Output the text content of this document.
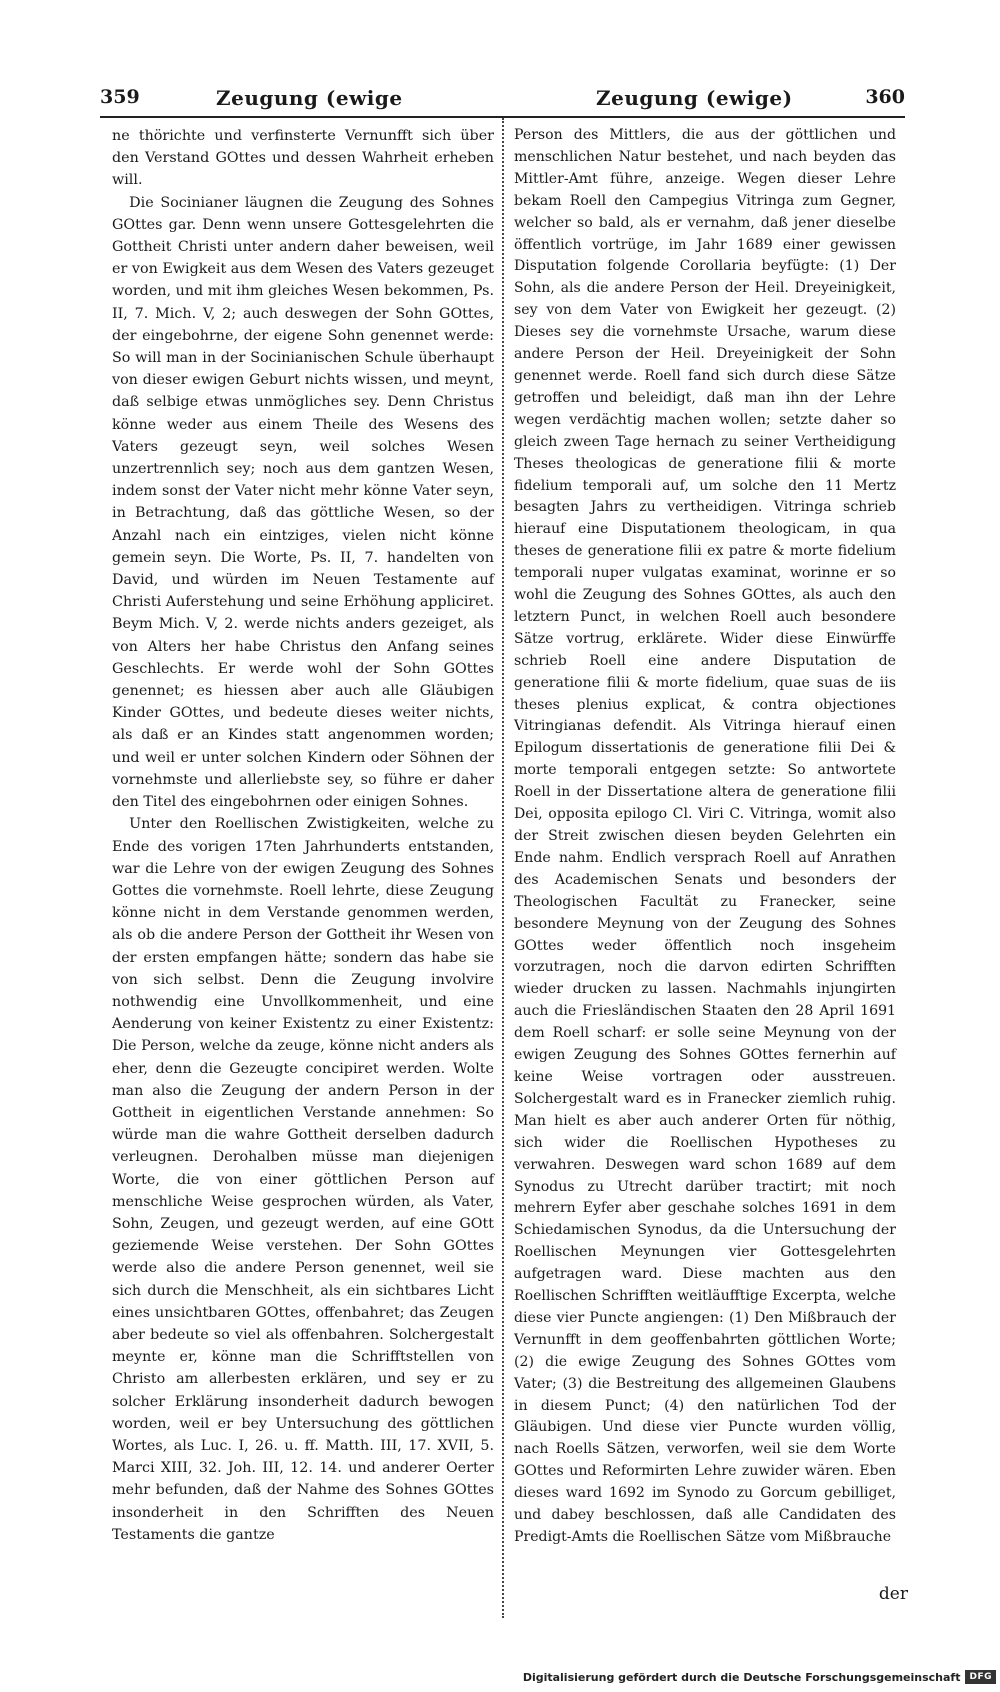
359	Zeugung (ewige	Zeugung (ewige)	360

ne thörichte und verfinsterte Vernunfft sich über den Verstand GOttes und dessen Wahrheit erheben will.

Die Socinianer läugnen die Zeugung des Sohnes GOttes gar. Denn wenn unsere Gottesgelehrten die Gottheit Christi unter andern daher beweisen, weil er von Ewigkeit aus dem Wesen des Vaters gezeuget worden, und mit ihm gleiches Wesen bekommen, Ps. II, 7. Mich. V, 2; auch deswegen der Sohn GOttes, der eingebohrne, der eigene Sohn genennet werde: So will man in der Socinianischen Schule überhaupt von dieser ewigen Geburt nichts wissen, und meynt, daß selbige etwas unmögliches sey. Denn Christus könne weder aus einem Theile des Wesens des Vaters gezeugt seyn, weil solches Wesen unzertrennlich sey; noch aus dem gantzen Wesen, indem sonst der Vater nicht mehr könne Vater seyn, in Betrachtung, daß das göttliche Wesen, so der Anzahl nach ein eintziges, vielen nicht könne gemein seyn. Die Worte, Ps. II, 7. handelten von David, und würden im Neuen Testamente auf Christi Auferstehung und seine Erhöhung appliciret. Beym Mich. V, 2. werde nichts anders gezeiget, als von Alters her habe Christus den Anfang seines Geschlechts. Er werde wohl der Sohn GOttes genennet; es hiessen aber auch alle Gläubigen Kinder GOttes, und bedeute dieses weiter nichts, als daß er an Kindes statt angenommen worden; und weil er unter solchen Kindern oder Söhnen der vornehmste und allerliebste sey, so führe er daher den Titel des eingebohrnen oder einigen Sohnes.

Unter den Roellischen Zwistigkeiten, welche zu Ende des vorigen 17ten Jahrhunderts entstanden, war die Lehre von der ewigen Zeugung des Sohnes Gottes die vornehmste. Roell lehrte, diese Zeugung könne nicht in dem Verstande genommen werden, als ob die andere Person der Gottheit ihr Wesen von der ersten empfangen hätte; sondern das habe sie von sich selbst. Denn die Zeugung involvire nothwendig eine Unvollkommenheit, und eine Aenderung von keiner Existentz zu einer Existentz: Die Person, welche da zeuge, könne nicht anders als eher, denn die Gezeugte concipiret werden. Wolte man also die Zeugung der andern Person in der Gottheit in eigentlichen Verstande annehmen: So würde man die wahre Gottheit derselben dadurch verleugnen. Derohalben müsse man diejenigen Worte, die von einer göttlichen Person auf menschliche Weise gesprochen würden, als Vater, Sohn, Zeugen, und gezeugt werden, auf eine GOtt geziemende Weise verstehen. Der Sohn GOttes werde also die andere Person genennet, weil sie sich durch die Menschheit, als ein sichtbares Licht eines unsichtbaren GOttes, offenbahret; das Zeugen aber bedeute so viel als offenbahren. Solchergestalt meynte er, könne man die Schrifftstellen von Christo am allerbesten erklären, und sey er zu solcher Erklärung insonderheit dadurch bewogen worden, weil er bey Untersuchung des göttlichen Wortes, als Luc. I, 26. u. ff. Matth. III, 17. XVII, 5. Marci XIII, 32. Joh. III, 12. 14. und anderer Oerter mehr befunden, daß der Nahme des Sohnes GOttes insonderheit in den Schrifften des Neuen Testaments die gantze

Person des Mittlers, die aus der göttlichen und menschlichen Natur bestehet, und nach beyden das Mittler-Amt führe, anzeige. Wegen dieser Lehre bekam Roell den Campegius Vitringa zum Gegner, welcher so bald, als er vernahm, daß jener dieselbe öffentlich vortrüge, im Jahr 1689 einer gewissen Disputation folgende Corollaria beyfügte: (1) Der Sohn, als die andere Person der Heil. Dreyeinigkeit, sey von dem Vater von Ewigkeit her gezeugt. (2) Dieses sey die vornehmste Ursache, warum diese andere Person der Heil. Dreyeinigkeit der Sohn genennet werde. Roell fand sich durch diese Sätze getroffen und beleidigt, daß man ihn der Lehre wegen verdächtig machen wollen; setzte daher so gleich zween Tage hernach zu seiner Vertheidigung Theses theologicas de generatione filii & morte fidelium temporali auf, um solche den 11 Mertz besagten Jahrs zu vertheidigen. Vitringa schrieb hierauf eine Disputationem theologicam, in qua theses de generatione filii ex patre & morte fidelium temporali nuper vulgatas examinat, worinne er so wohl die Zeugung des Sohnes GOttes, als auch den letztern Punct, in welchen Roell auch besondere Sätze vortrug, erklärete. Wider diese Einwürffe schrieb Roell eine andere Disputation de generatione filii & morte fidelium, quae suas de iis theses plenius explicat, & contra objectiones Vitringianas defendit. Als Vitringa hierauf einen Epilogum dissertationis de generatione filii Dei & morte temporali entgegen setzte: So antwortete Roell in der Dissertatione altera de generatione filii Dei, opposita epilogo Cl. Viri C. Vitringa, womit also der Streit zwischen diesen beyden Gelehrten ein Ende nahm. Endlich versprach Roell auf Anrathen des Academischen Senats und besonders der Theologischen Facultät zu Franecker, seine besondere Meynung von der Zeugung des Sohnes GOttes weder öffentlich noch insgeheim vorzutragen, noch die darvon edirten Schrifften wieder drucken zu lassen. Nachmahls injungirten auch die Friesländischen Staaten den 28 April 1691 dem Roell scharf: er solle seine Meynung von der ewigen Zeugung des Sohnes GOttes fernerhin auf keine Weise vortragen oder ausstreuen. Solchergestalt ward es in Franecker ziemlich ruhig. Man hielt es aber auch anderer Orten für nöthig, sich wider die Roellischen Hypotheses zu verwahren. Deswegen ward schon 1689 auf dem Synodus zu Utrecht darüber tractirt; mit noch mehrern Eyfer aber geschahe solches 1691 in dem Schiedamischen Synodus, da die Untersuchung der Roellischen Meynungen vier Gottesgelehrten aufgetragen ward. Diese machten aus den Roellischen Schrifften weitläufftige Excerpta, welche diese vier Puncte angiengen: (1) Den Mißbrauch der Vernunfft in dem geoffenbahrten göttlichen Worte; (2) die ewige Zeugung des Sohnes GOttes vom Vater; (3) die Bestreitung des allgemeinen Glaubens in diesem Punct; (4) den natürlichen Tod der Gläubigen. Und diese vier Puncte wurden völlig, nach Roells Sätzen, verworfen, weil sie dem Worte GOttes und Reformirten Lehre zuwider wären. Eben dieses ward 1692 im Synodo zu Gorcum gebilliget, und dabey beschlossen, daß alle Candidaten des Predigt-Amts die Roellischen Sätze vom Mißbrauche

der
Digitalisierung gefördert durch die Deutsche Forschungsgemeinschaft	DFG
